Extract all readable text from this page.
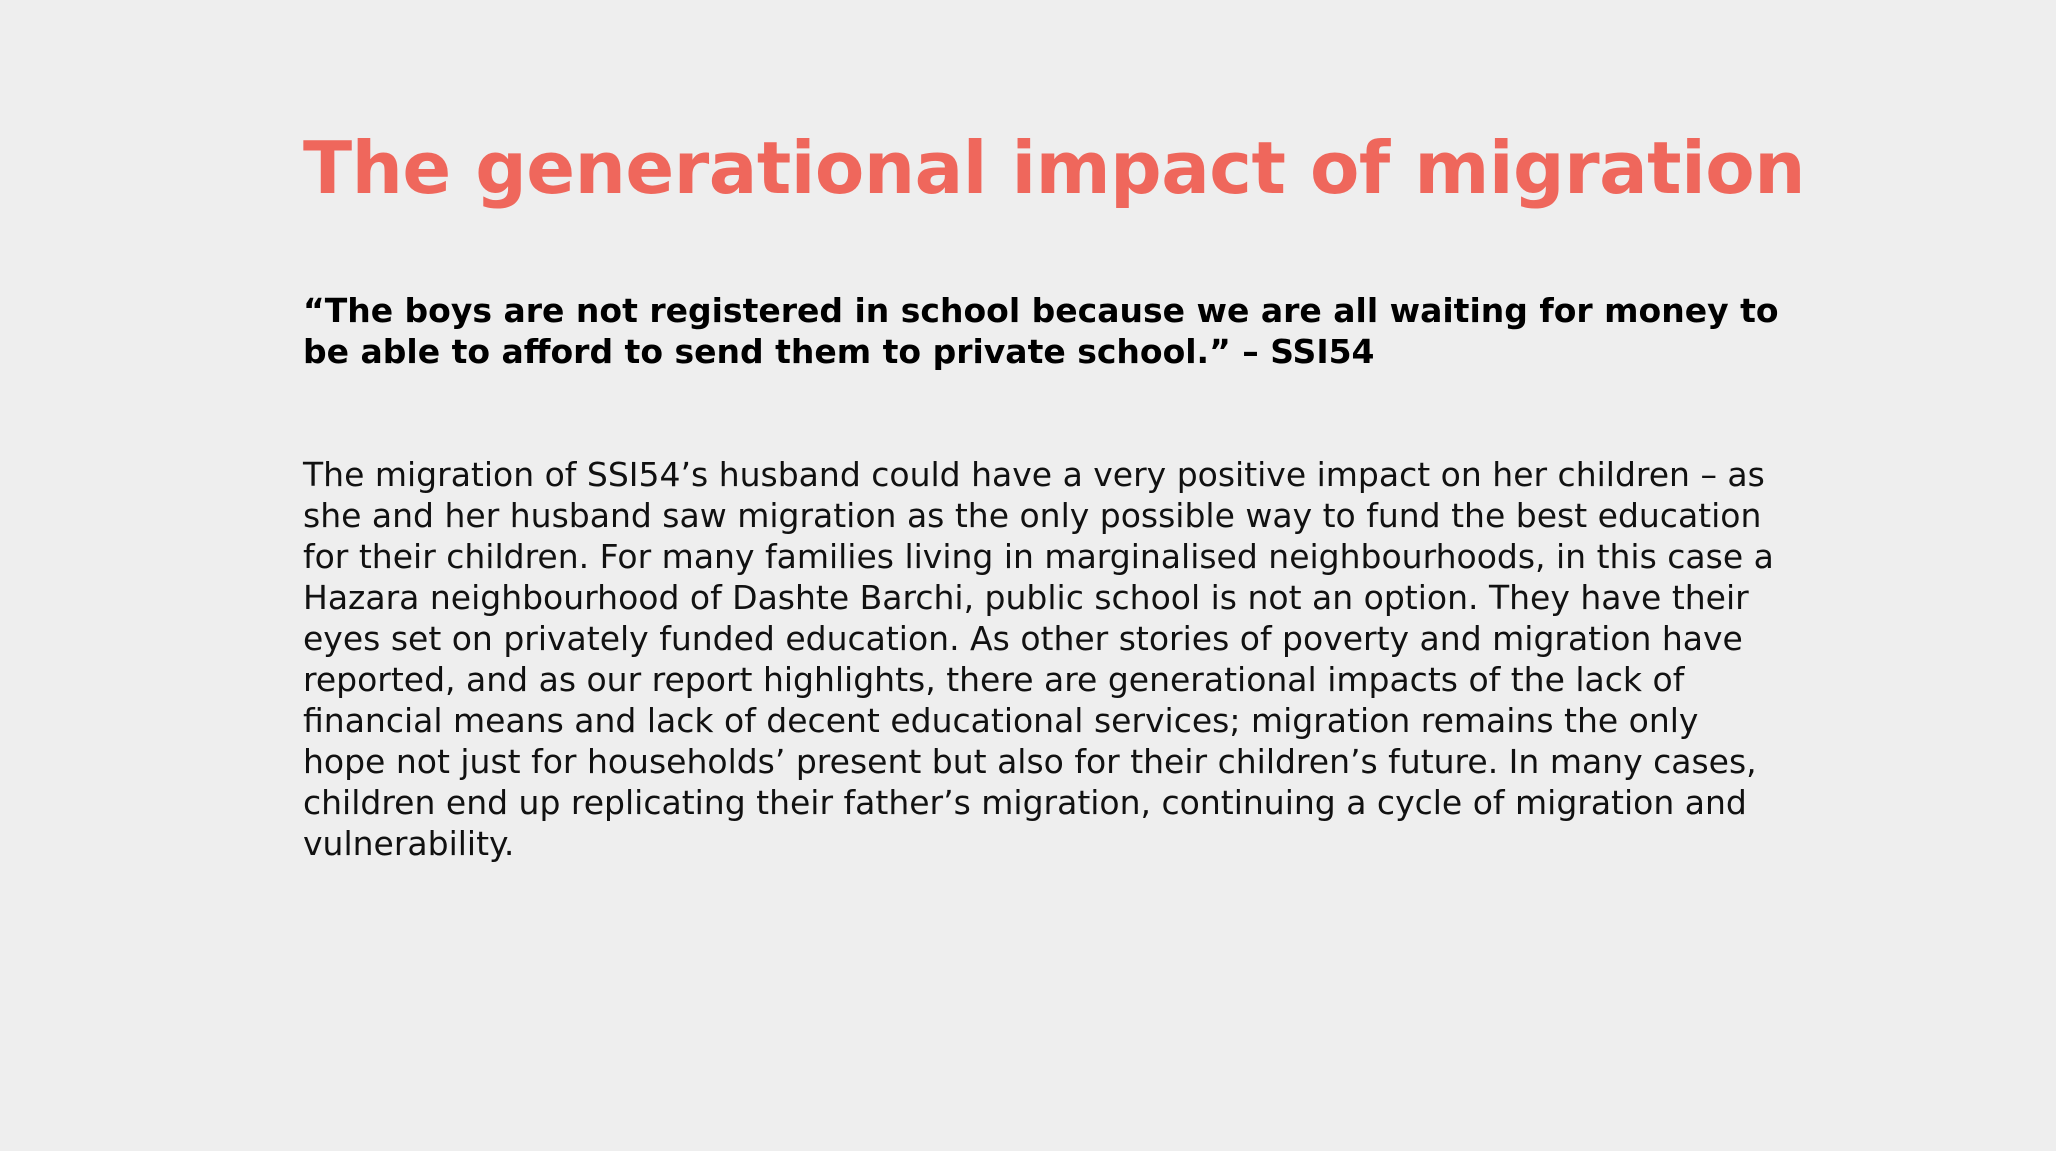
The generational impact of migration

“The boys are not registered in school because we are all waiting for money to be able to afford to send them to private school.” – SSI54

The migration of SSI54’s husband could have a very positive impact on her children – as she and her husband saw migration as the only possible way to fund the best education for their children. For many families living in marginalised neighbourhoods, in this case a Hazara neighbourhood of Dashte Barchi, public school is not an option. They have their eyes set on privately funded education. As other stories of poverty and migration have reported, and as our report highlights, there are generational impacts of the lack of financial means and lack of decent educational services; migration remains the only hope not just for households’ present but also for their children’s future. In many cases, children end up replicating their father’s migration, continuing a cycle of migration and vulnerability.
